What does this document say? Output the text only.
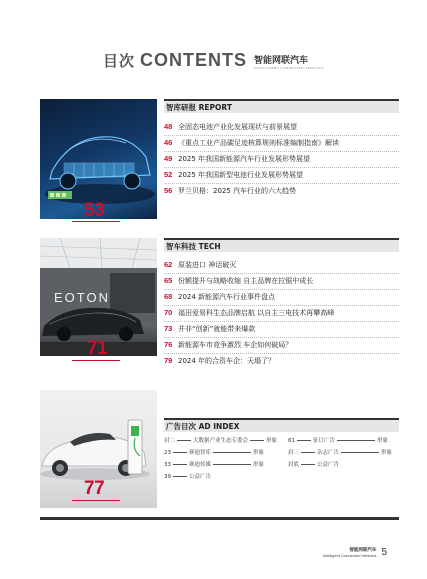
目次 CONTENTS 智能网联汽车
INTELLIGENT CONNECTED VEHICLES
53
智库研报 REPORT
48 全固态电池产业化发展现状与前景展望
46 《重点工业产品碳足迹核算规则标准编制指南》解读
49 2025 年我国新能源汽车行业发展形势展望
52 2025 年我国新型电池行业发展形势展望
56 罗兰贝格：2025 汽车行业的六大趋势
EOTON
71
智车科技 TECH
62 原装进口 神话破灭
65 份额提升与战略收缩 自主品牌在拉锯中成长
68 2024 新能源汽车行业事件盘点
70 福田爱易科生态品牌启航 以自主三电技术再攀高峰
73 并非“创新”就能带来爆款
76 新能源车市竞争激烈 车企如何破局？
79 2024 年的合资车企：天塌了？
77
广告目次 AD INDEX
封二	大数据产业生态专委会	形象
23	赛迪智库	形象
33	赛迪传媒	形象
39	公益广告
61	征订广告	形象
封三	杂志广告	形象
封底	公益广告
智能网联汽车
Intelligent Connected Vehicles 5
